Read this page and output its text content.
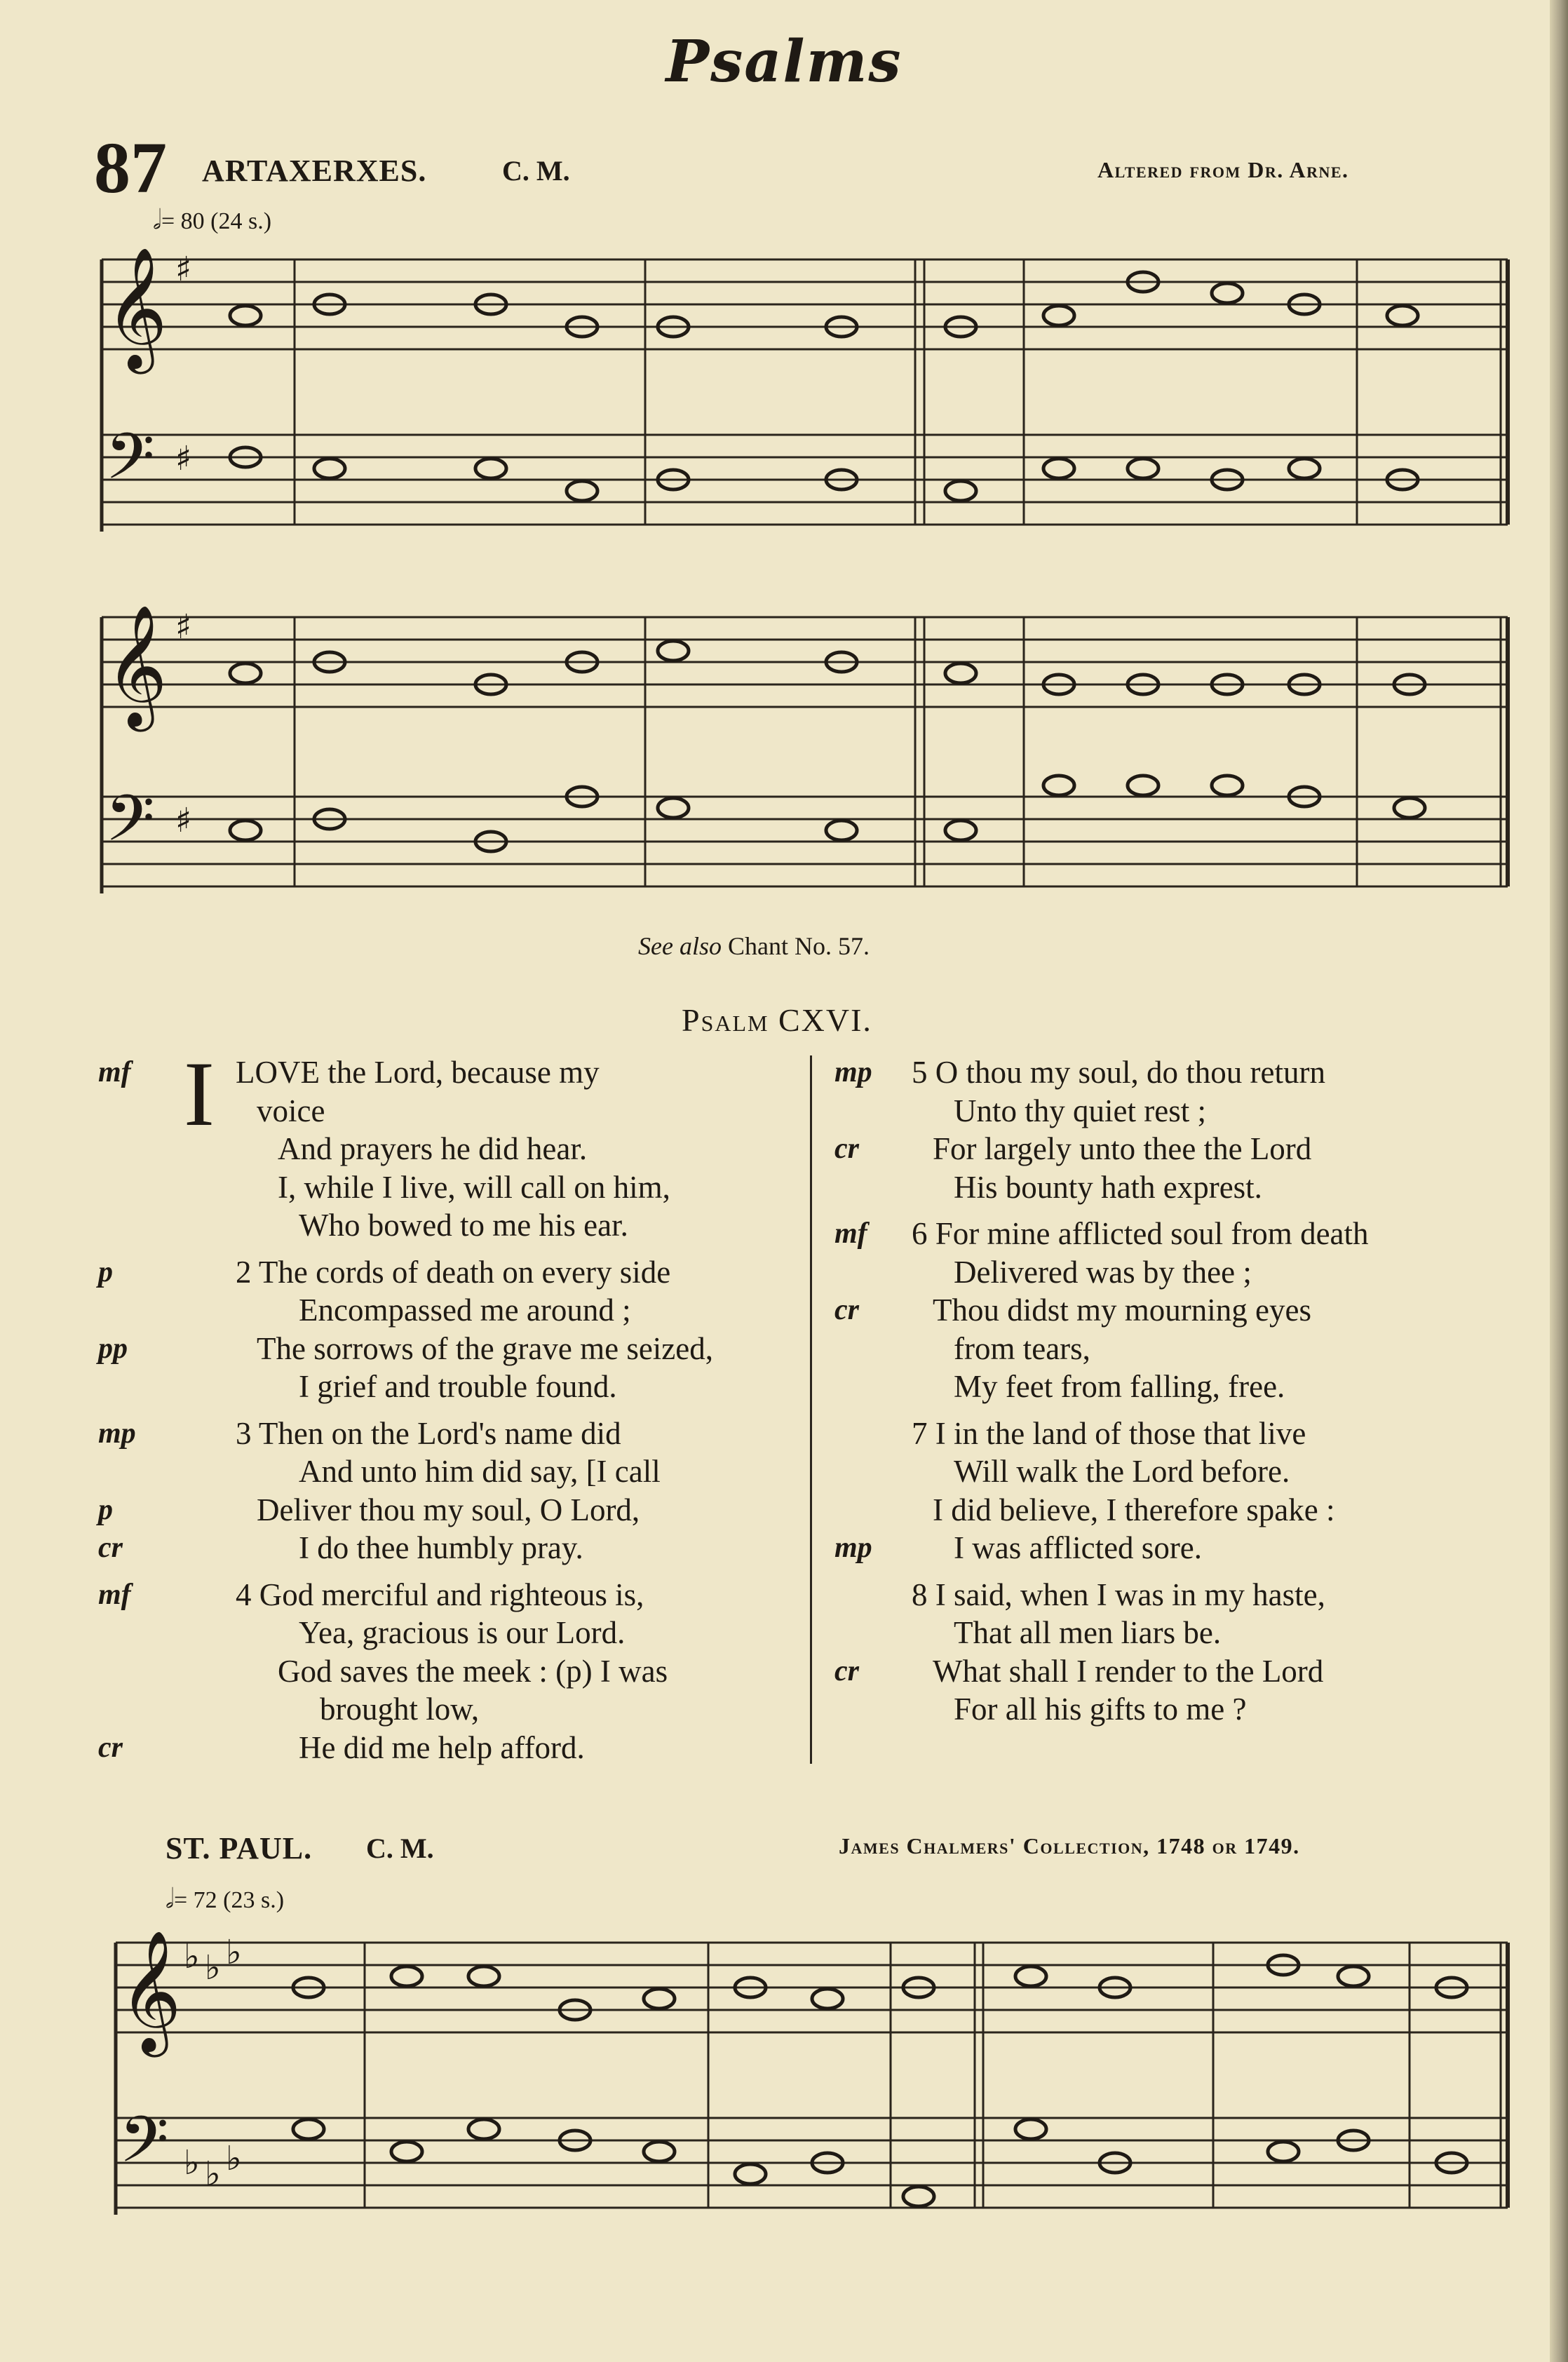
Psalms
87 ARTAXERXES.	C. M.	Altered from Dr. Arne.
𝅗𝅥= 80 (24 s.)
𝄞
𝄢
𝄞
𝄢
♯
♯
♯
♯
See also Chant No. 57.
Psalm CXVI.
I
mf	LOVE the Lord, because my
voice
And prayers he did hear.
I, while I live, will call on him,
Who bowed to me his ear.
p	2 The cords of death on every side
Encompassed me around ;
pp	The sorrows of the grave me seized,
I grief and trouble found.
mp	3 Then on the Lord's name did
And unto him did say, [I call
p	Deliver thou my soul, O Lord,
cr	I do thee humbly pray.
mf	4 God merciful and righteous is,
Yea, gracious is our Lord.
God saves the meek : (p) I was
brought low,
cr	He did me help afford.
mp 5 O thou my soul, do thou return
Unto thy quiet rest ;
cr For largely unto thee the Lord
His bounty hath exprest.
mf 6 For mine afflicted soul from death
Delivered was by thee ;
cr Thou didst my mourning eyes
from tears,
My feet from falling, free.
7 I in the land of those that live
Will walk the Lord before.
I did believe, I therefore spake :
mp	I was afflicted sore.
8 I said, when I was in my haste,
That all men liars be.
cr What shall I render to the Lord
For all his gifts to me ?
ST. PAUL. C. M.	James Chalmers' Collection, 1748 or 1749.
𝅗𝅥= 72 (23 s.)
𝄞
𝄢
♭ ♭ ♭
♭ ♭ ♭
